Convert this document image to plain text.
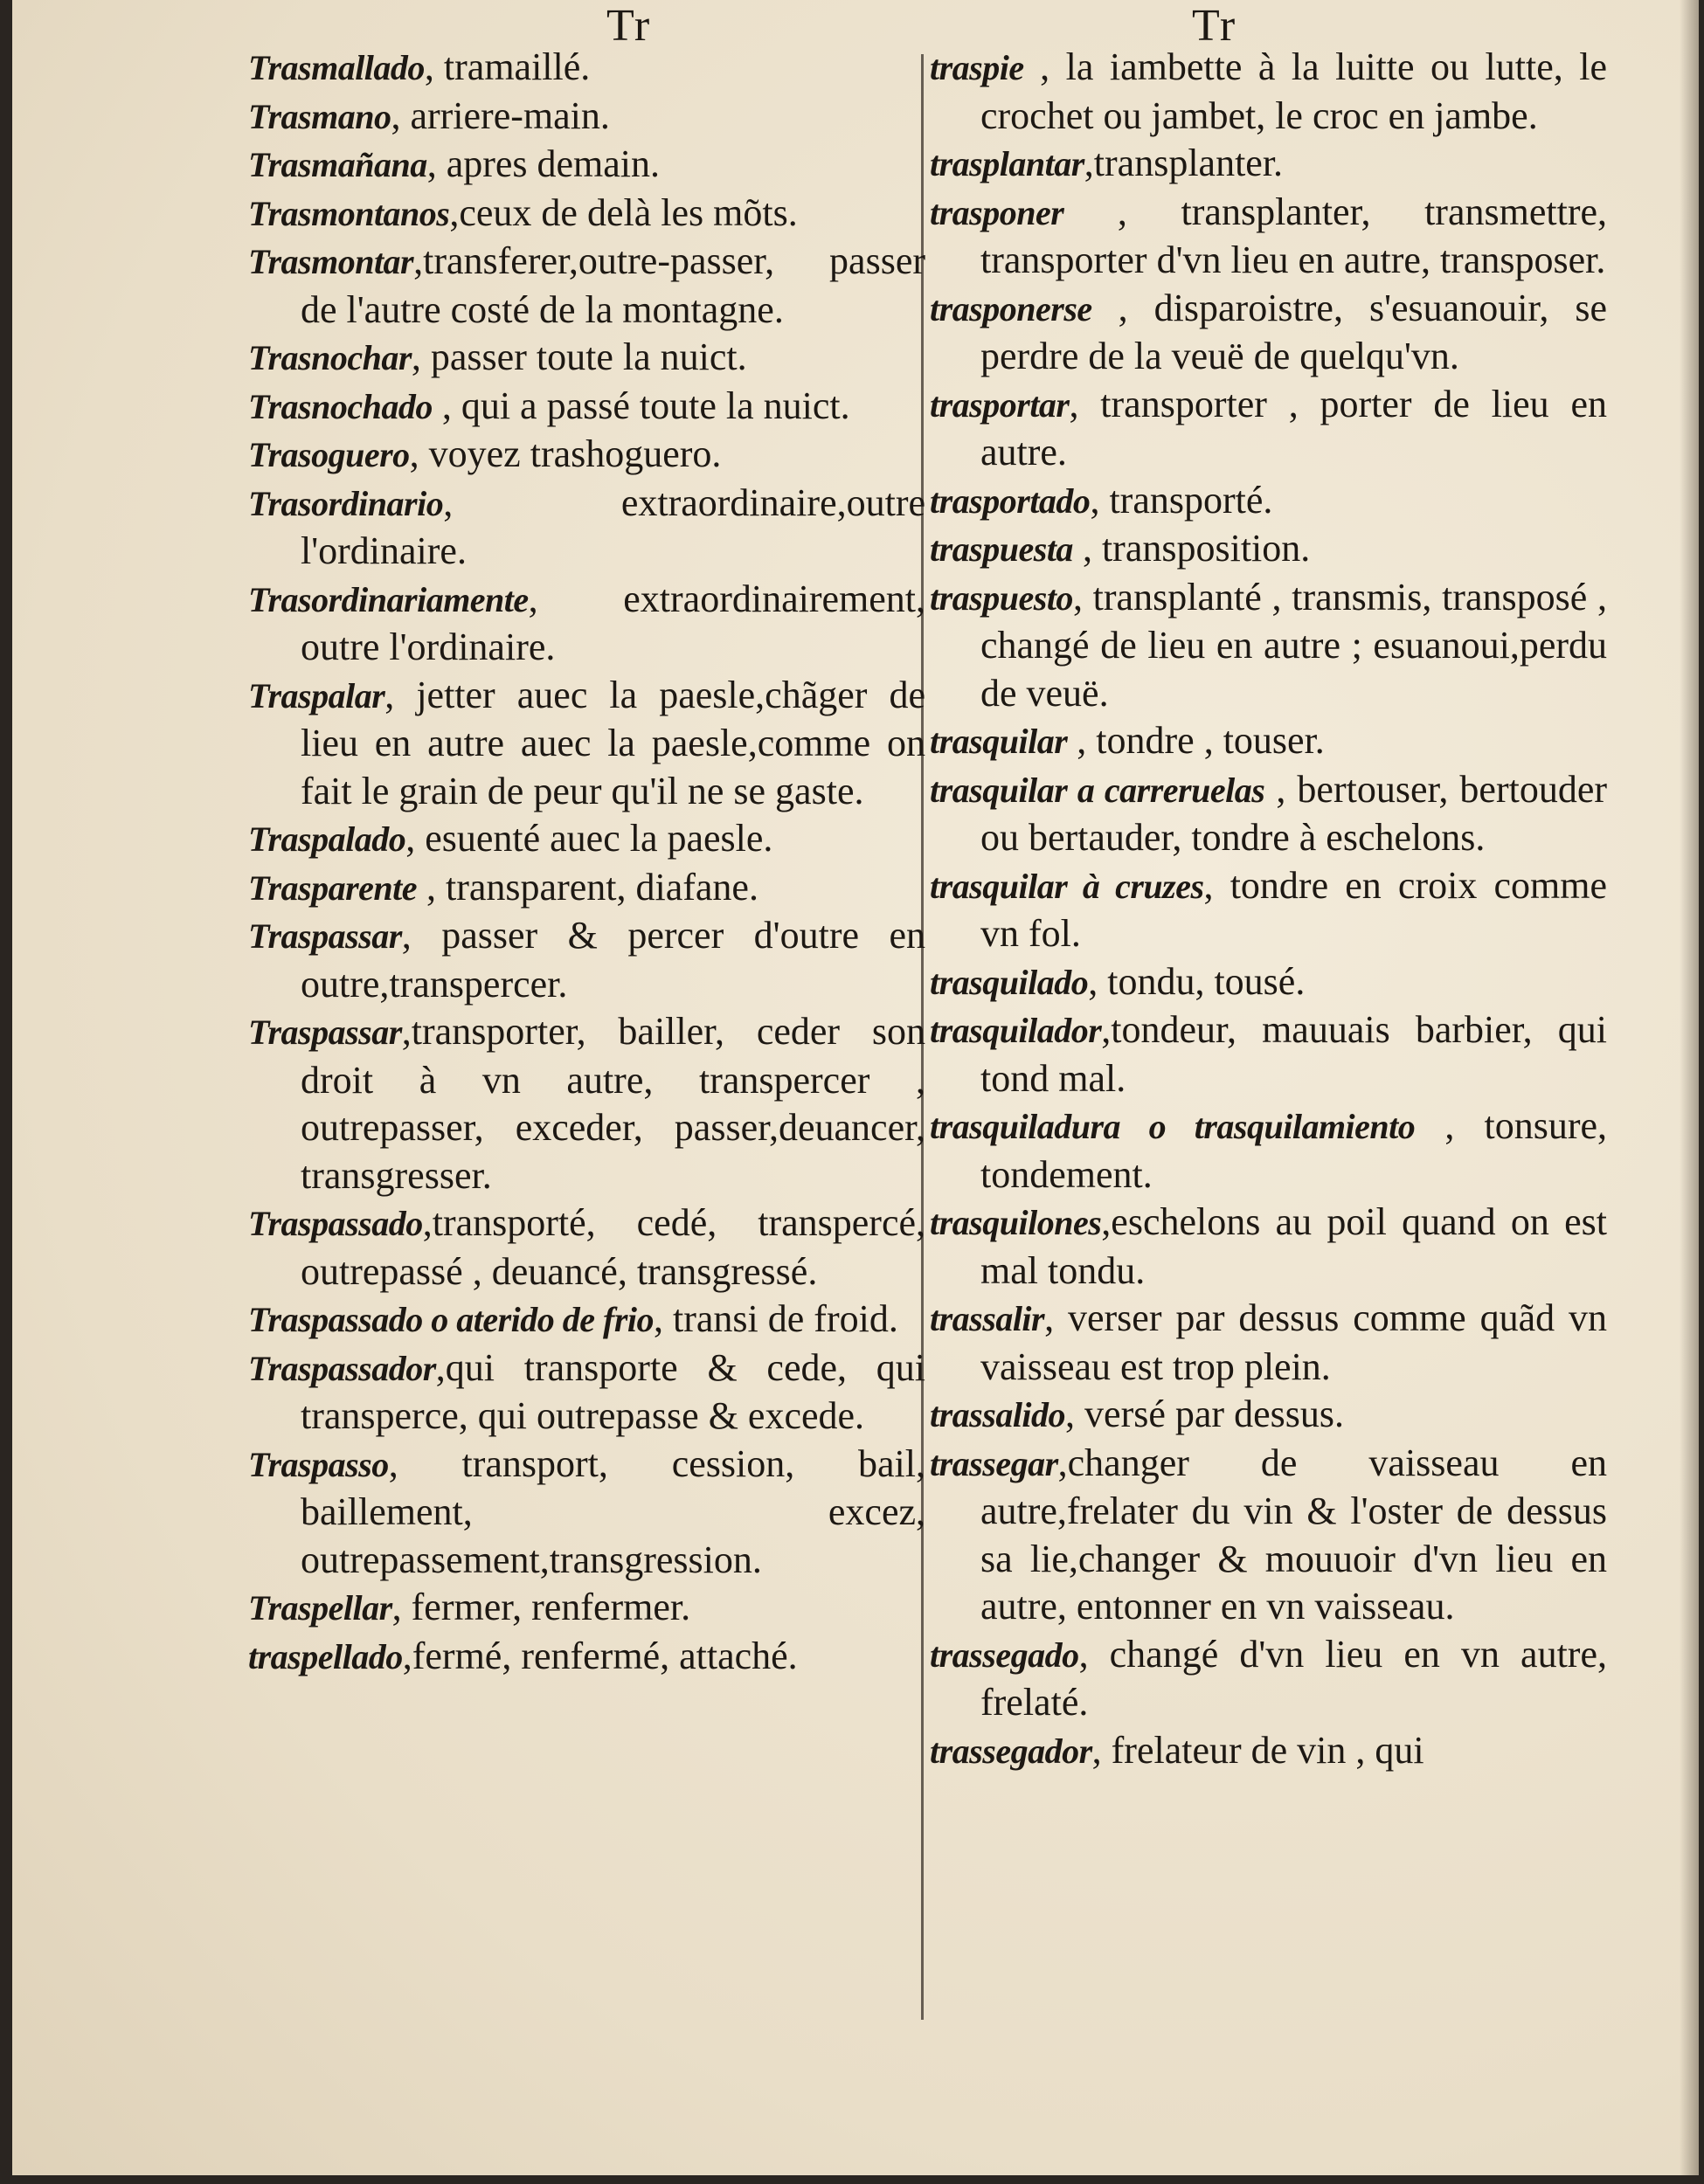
Tr	Tr
Trasmallado, tramaillé.
Trasmano, arriere-main.
Trasmañana, apres demain.
Trasmontanos,ceux de delà les mõts.
Trasmontar,transferer,outre-passer, passer de l'autre costé de la montagne.
Trasnochar, passer toute la nuict.
Trasnochado , qui a passé toute la nuict.
Trasoguero, voyez trashoguero.
Trasordinario, extraordinaire,outre l'ordinaire.
Trasordinariamente, extraordinairement, outre l'ordinaire.
Traspalar, jetter auec la paesle,chãger de lieu en autre auec la paesle,comme on fait le grain de peur qu'il ne se gaste.
Traspalado, esuenté auec la paesle.
Trasparente , transparent, diafane.
Traspassar, passer & percer d'outre en outre,transpercer.
Traspassar,transporter, bailler, ceder son droit à vn autre, transpercer , outrepasser, exceder, passer,deuancer, transgresser.
Traspassado,transporté, cedé, transpercé, outrepassé , deuancé, transgressé.
Traspassado o aterido de frio, transi de froid.
Traspassador,qui transporte & cede, qui transperce, qui outrepasse & excede.
Traspasso, transport, cession, bail, baillement, excez, outrepassement,transgression.
Traspellar, fermer, renfermer.
traspellado,fermé, renfermé, attaché.
traspie , la iambette à la luitte ou lutte, le crochet ou jambet, le croc en jambe.
trasplantar,transplanter.
trasponer , transplanter, transmettre, transporter d'vn lieu en autre, transposer.
trasponerse , disparoistre, s'esuanouir, se perdre de la veuë de quelqu'vn.
trasportar, transporter , porter de lieu en autre.
trasportado, transporté.
traspuesta , transposition.
traspuesto, transplanté , transmis, transposé , changé de lieu en autre ; esuanoui,perdu de veuë.
trasquilar , tondre , touser.
trasquilar a carreruelas , bertouser, bertouder ou bertauder, tondre à eschelons.
trasquilar à cruzes, tondre en croix comme vn fol.
trasquilado, tondu, tousé.
trasquilador,tondeur, mauuais barbier, qui tond mal.
trasquiladura o trasquilamiento , tonsure, tondement.
trasquilones,eschelons au poil quand on est mal tondu.
trassalir, verser par dessus comme quãd vn vaisseau est trop plein.
trassalido, versé par dessus.
trassegar,changer de vaisseau en autre,frelater du vin & l'oster de dessus sa lie,changer & mouuoir d'vn lieu en autre, entonner en vn vaisseau.
trassegado, changé d'vn lieu en vn autre, frelaté.
trassegador, frelateur de vin , qui
